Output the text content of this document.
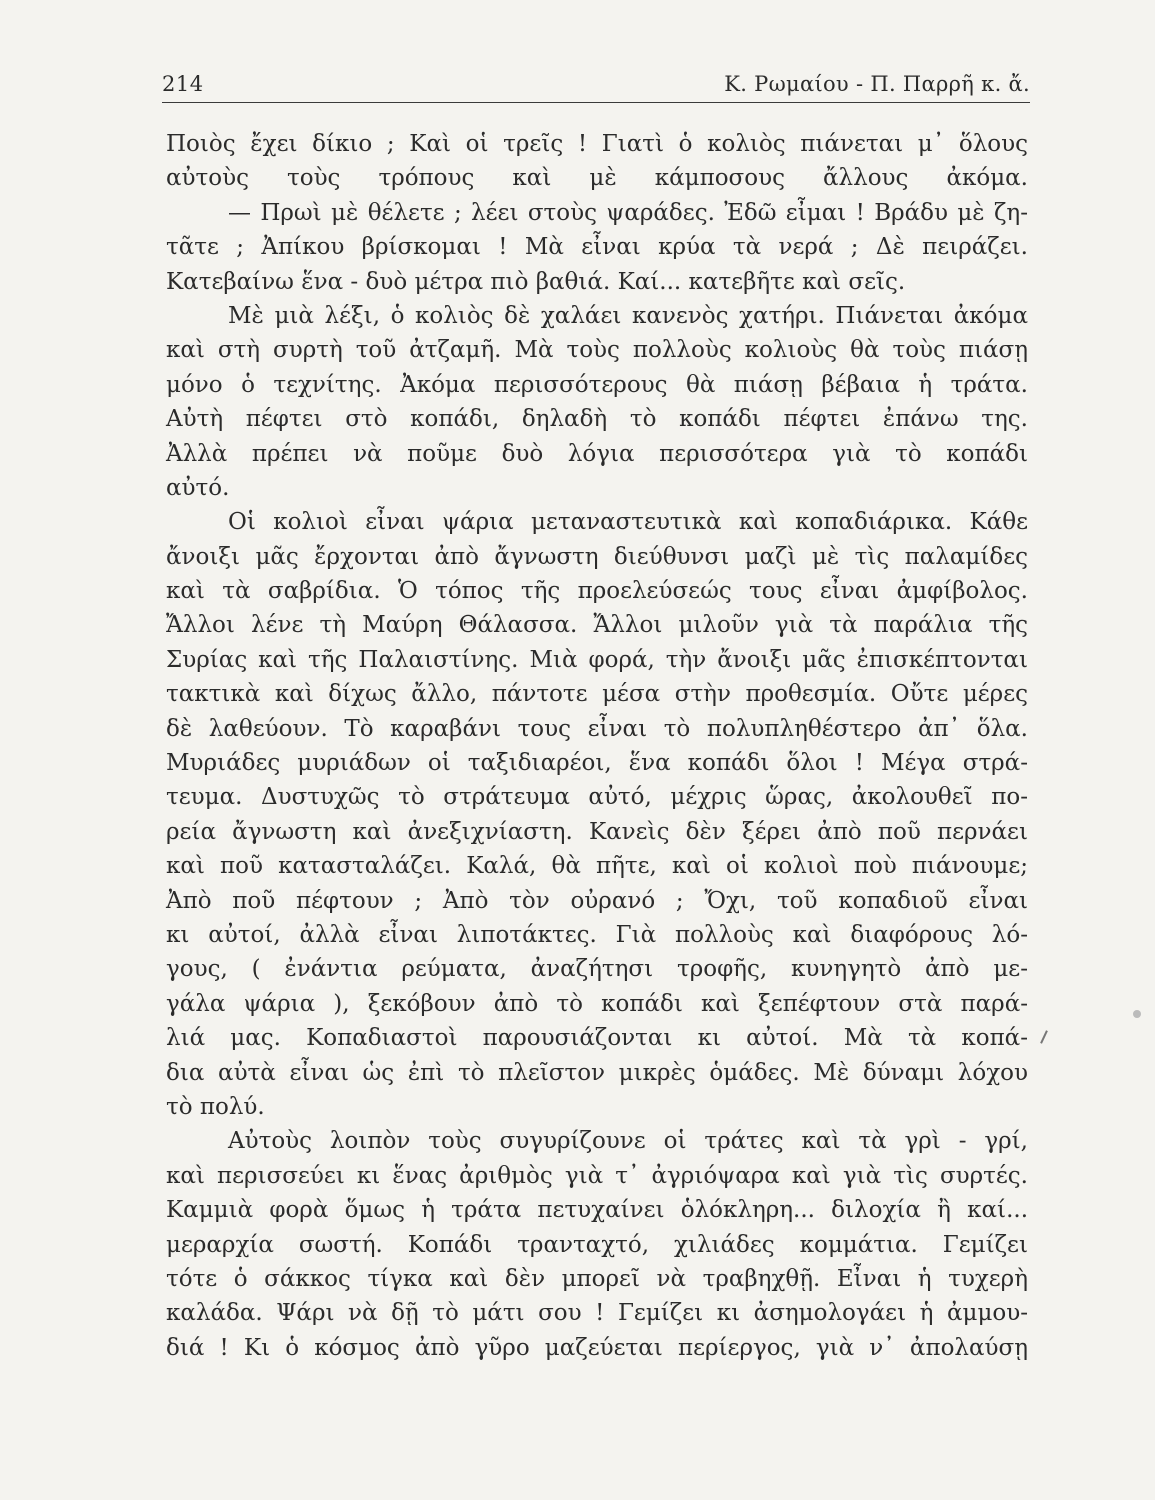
214	Κ. Ρωμαίου - Π. Παρρῆ κ. ἄ.
Ποιὸς ἔχει δίκιο ; Καὶ οἱ τρεῖς ! Γιατὶ ὁ κολιὸς πιάνεται μ᾽ ὅλους
αὐτοὺς τοὺς τρόπους καὶ μὲ κάμποσους ἄλλους ἀκόμα.
— Πρωὶ μὲ θέλετε ; λέει στοὺς ψαράδες. Ἐδῶ εἶμαι ! Βράδυ μὲ ζη-
τᾶτε ; Ἀπίκου βρίσκομαι ! Μὰ εἶναι κρύα τὰ νερά ; Δὲ πειράζει.
Κατεβαίνω ἕνα - δυὸ μέτρα πιὸ βαθιά. Καί... κατεβῆτε καὶ σεῖς.
Μὲ μιὰ λέξι, ὁ κολιὸς δὲ χαλάει κανενὸς χατήρι. Πιάνεται ἀκόμα
καὶ στὴ συρτὴ τοῦ ἀτζαμῆ. Μὰ τοὺς πολλοὺς κολιοὺς θὰ τοὺς πιάσῃ
μόνο ὁ τεχνίτης. Ἀκόμα περισσότερους θὰ πιάσῃ βέβαια ἡ τράτα.
Αὐτὴ πέφτει στὸ κοπάδι, δηλαδὴ τὸ κοπάδι πέφτει ἐπάνω της.
Ἀλλὰ πρέπει νὰ ποῦμε δυὸ λόγια περισσότερα γιὰ τὸ κοπάδι
αὐτό.
Οἱ κολιοὶ εἶναι ψάρια μεταναστευτικὰ καὶ κοπαδιάρικα. Κάθε
ἄνοιξι μᾶς ἔρχονται ἀπὸ ἄγνωστη διεύθυνσι μαζὶ μὲ τὶς παλαμίδες
καὶ τὰ σαβρίδια. Ὁ τόπος τῆς προελεύσεώς τους εἶναι ἀμφίβολος.
Ἄλλοι λένε τὴ Μαύρη Θάλασσα. Ἄλλοι μιλοῦν γιὰ τὰ παράλια τῆς
Συρίας καὶ τῆς Παλαιστίνης. Μιὰ φορά, τὴν ἄνοιξι μᾶς ἐπισκέπτονται
τακτικὰ καὶ δίχως ἄλλο, πάντοτε μέσα στὴν προθεσμία. Οὔτε μέρες
δὲ λαθεύουν. Τὸ καραβάνι τους εἶναι τὸ πολυπληθέστερο ἀπ᾽ ὅλα.
Μυριάδες μυριάδων οἱ ταξιδιαρέοι, ἕνα κοπάδι ὅλοι ! Μέγα στρά-
τευμα. Δυστυχῶς τὸ στράτευμα αὐτό, μέχρις ὥρας, ἀκολουθεῖ πο-
ρεία ἄγνωστη καὶ ἀνεξιχνίαστη. Κανεὶς δὲν ξέρει ἀπὸ ποῦ περνάει
καὶ ποῦ κατασταλάζει. Καλά, θὰ πῆτε, καὶ οἱ κολιοὶ ποὺ πιάνουμε;
Ἀπὸ ποῦ πέφτουν ; Ἀπὸ τὸν οὐρανό ; Ὄχι, τοῦ κοπαδιοῦ εἶναι
κι αὐτοί, ἀλλὰ εἶναι λιποτάκτες. Γιὰ πολλοὺς καὶ διαφόρους λό-
γους, ( ἐνάντια ρεύματα, ἀναζήτησι τροφῆς, κυνηγητὸ ἀπὸ με-
γάλα ψάρια ), ξεκόβουν ἀπὸ τὸ κοπάδι καὶ ξεπέφτουν στὰ παρά-
λιά μας. Κοπαδιαστοὶ παρουσιάζονται κι αὐτοί. Μὰ τὰ κοπά-
δια αὐτὰ εἶναι ὡς ἐπὶ τὸ πλεῖστον μικρὲς ὁμάδες. Μὲ δύναμι λόχου
τὸ πολύ.
Αὐτοὺς λοιπὸν τοὺς συγυρίζουνε οἱ τράτες καὶ τὰ γρὶ - γρί,
καὶ περισσεύει κι ἕνας ἀριθμὸς γιὰ τ᾽ ἀγριόψαρα καὶ γιὰ τὶς συρτές.
Καμμιὰ φορὰ ὅμως ἡ τράτα πετυχαίνει ὁλόκληρη... διλοχία ἢ καί...
μεραρχία σωστή. Κοπάδι τρανταχτό, χιλιάδες κομμάτια. Γεμίζει
τότε ὁ σάκκος τίγκα καὶ δὲν μπορεῖ νὰ τραβηχθῇ. Εἶναι ἡ τυχερὴ
καλάδα. Ψάρι νὰ δῇ τὸ μάτι σου ! Γεμίζει κι ἀσημολογάει ἡ ἀμμου-
διά ! Κι ὁ κόσμος ἀπὸ γῦρο μαζεύεται περίεργος, γιὰ ν᾽ ἀπολαύσῃ
